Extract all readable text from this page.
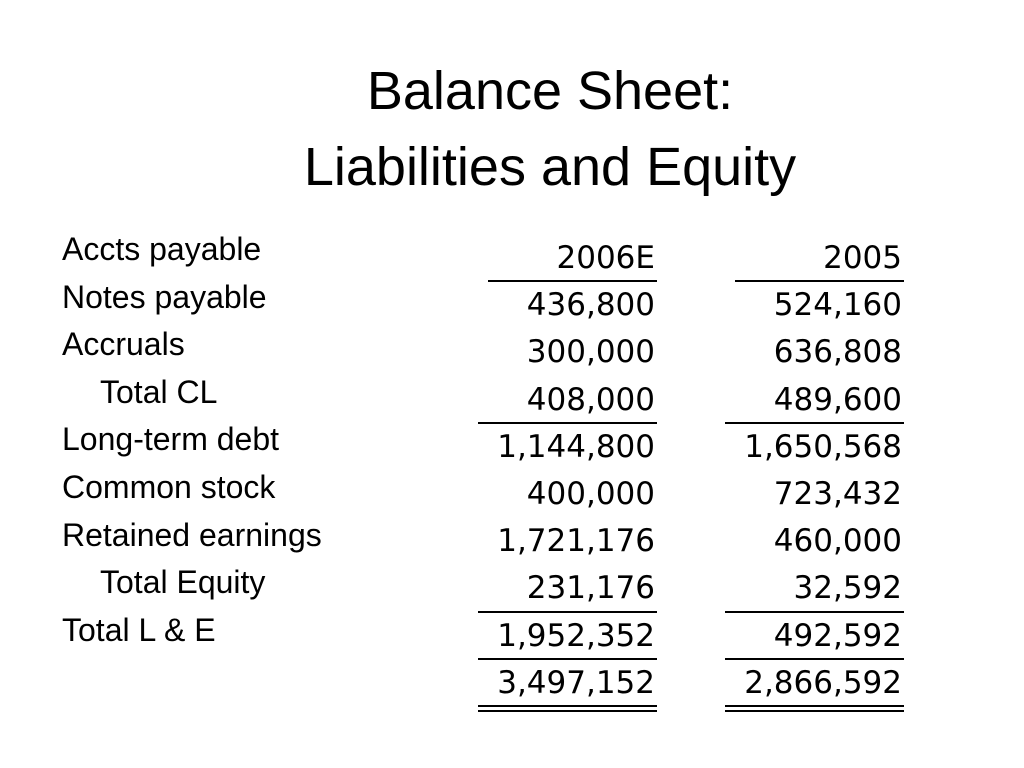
Balance Sheet:
Liabilities and Equity
Accts payable
Notes payable
Accruals
Total CL
Long-term debt
Common stock
Retained earnings
Total Equity
Total L & E
2006E
436,800
300,000
408,000
1,144,800
400,000
1,721,176
231,176
1,952,352
3,497,152
2005
524,160
636,808
489,600
1,650,568
723,432
460,000
32,592
492,592
2,866,592
